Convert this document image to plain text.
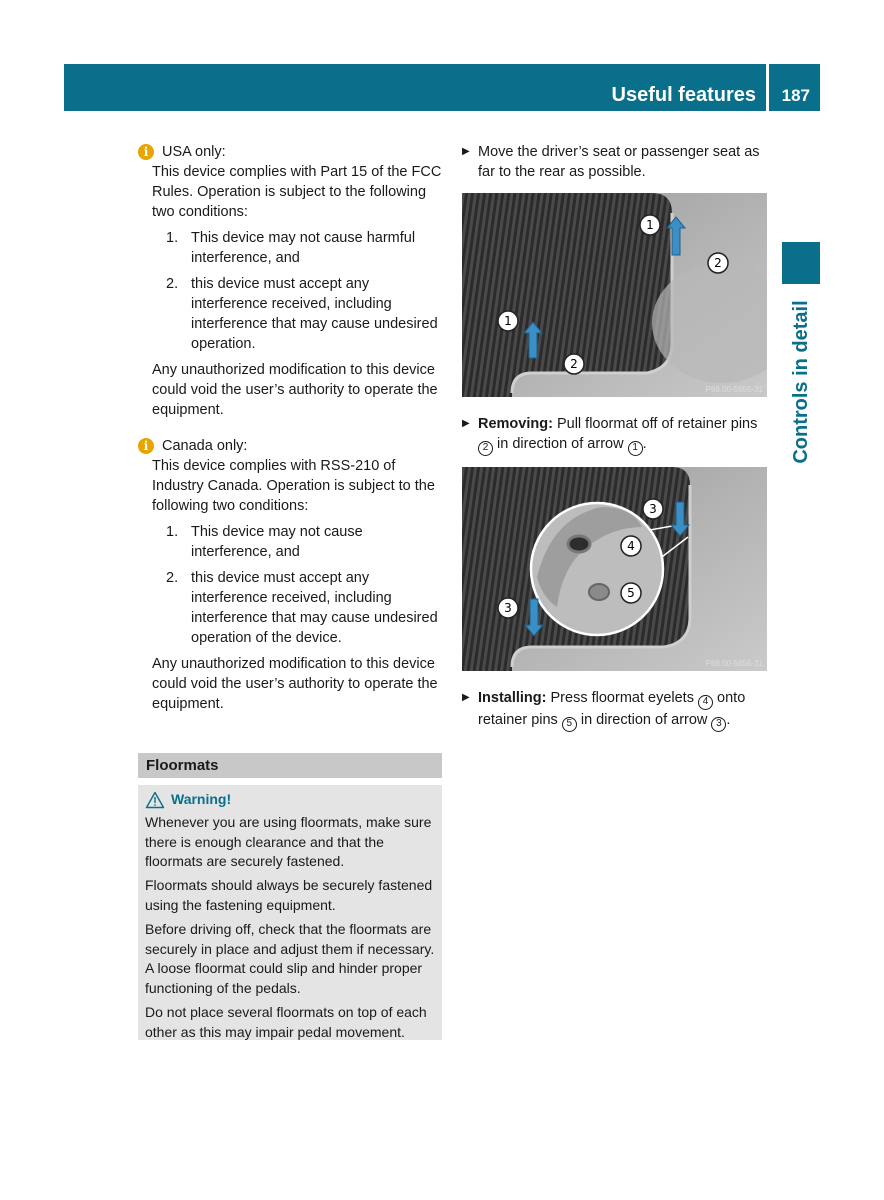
Useful features 187
Controls in detail
i USA only:

This device complies with Part 15 of the FCC Rules. Operation is subject to the following two conditions:

1. This device may not cause harmful interference, and
2. this device must accept any interference received, including interference that may cause undesired operation.

Any unauthorized modification to this device could void the user’s authority to operate the equipment.

i Canada only:

This device complies with RSS-210 of Industry Canada. Operation is subject to the following two conditions:

1. This device may not cause interference, and
2. this device must accept any interference received, including interference that may cause undesired operation of the device.

Any unauthorized modification to this device could void the user’s authority to operate the equipment.

Floormats
Warning!

Whenever you are using floormats, make sure there is enough clearance and that the floormats are securely fastened.

Floormats should always be securely fastened using the fastening equipment.

Before driving off, check that the floormats are securely in place and adjust them if necessary. A loose floormat could slip and hinder proper functioning of the pedals.

Do not place several floormats on top of each other as this may impair pedal movement.

▶ Move the driver’s seat or passenger seat as far to the rear as possible.
1
2
1
2
P68.00-5655-31
▶ Removing: Pull floormat off of retainer pins 2 in direction of arrow 1 .
3
4
5
3
P68.00-5656-31
▶ Installing: Press floormat eyelets 4 onto retainer pins 5 in direction of arrow 3 .
